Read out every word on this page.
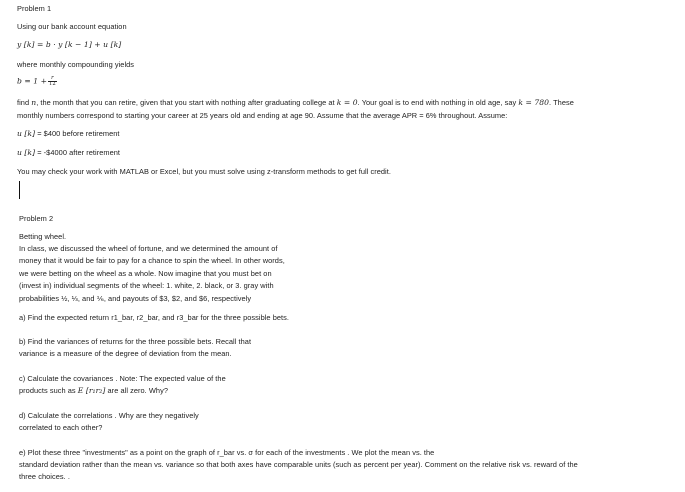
Problem 1
Using our bank account equation
y [k] = b · y [k − 1] + u [k]
where monthly compounding yields
$b = 1 + \frac{r}{12}$
find n, the month that you can retire, given that you start with nothing after graduating college at k = 0. Your goal is to end with nothing in old age, say k = 780. These
monthly numbers correspond to starting your career at 25 years old and ending at age 90. Assume that the average APR = 6% throughout. Assume:
u [k] = $400 before retirement
u [k] = -$4000 after retirement
You may check your work with MATLAB or Excel, but you must solve using z-transform methods to get full credit.
Problem 2
Betting wheel.
In class, we discussed the wheel of fortune, and we determined the amount of
money that it would be fair to pay for a chance to spin the wheel. In other words,
we were betting on the wheel as a whole. Now imagine that you must bet on
(invest in) individual segments of the wheel: 1. white, 2. black, or 3. gray with
probabilities ½, ⅓, and ⅙, and payouts of $3, $2, and $6, respectively
a) Find the expected return r1_bar, r2_bar, and r3_bar for the three possible bets.
b) Find the variances of returns for the three possible bets. Recall that
variance is a measure of the degree of deviation from the mean.
c) Calculate the covariances . Note: The expected value of the
products such as E [r₁r₂] are all zero. Why?
d) Calculate the correlations . Why are they negatively
correlated to each other?
e) Plot these three "investments" as a point on the graph of r_bar vs. σ for each of the investments . We plot the mean vs. the
standard deviation rather than the mean vs. variance so that both axes have comparable units (such as percent per year). Comment on the relative risk vs. reward of the
three choices. .
